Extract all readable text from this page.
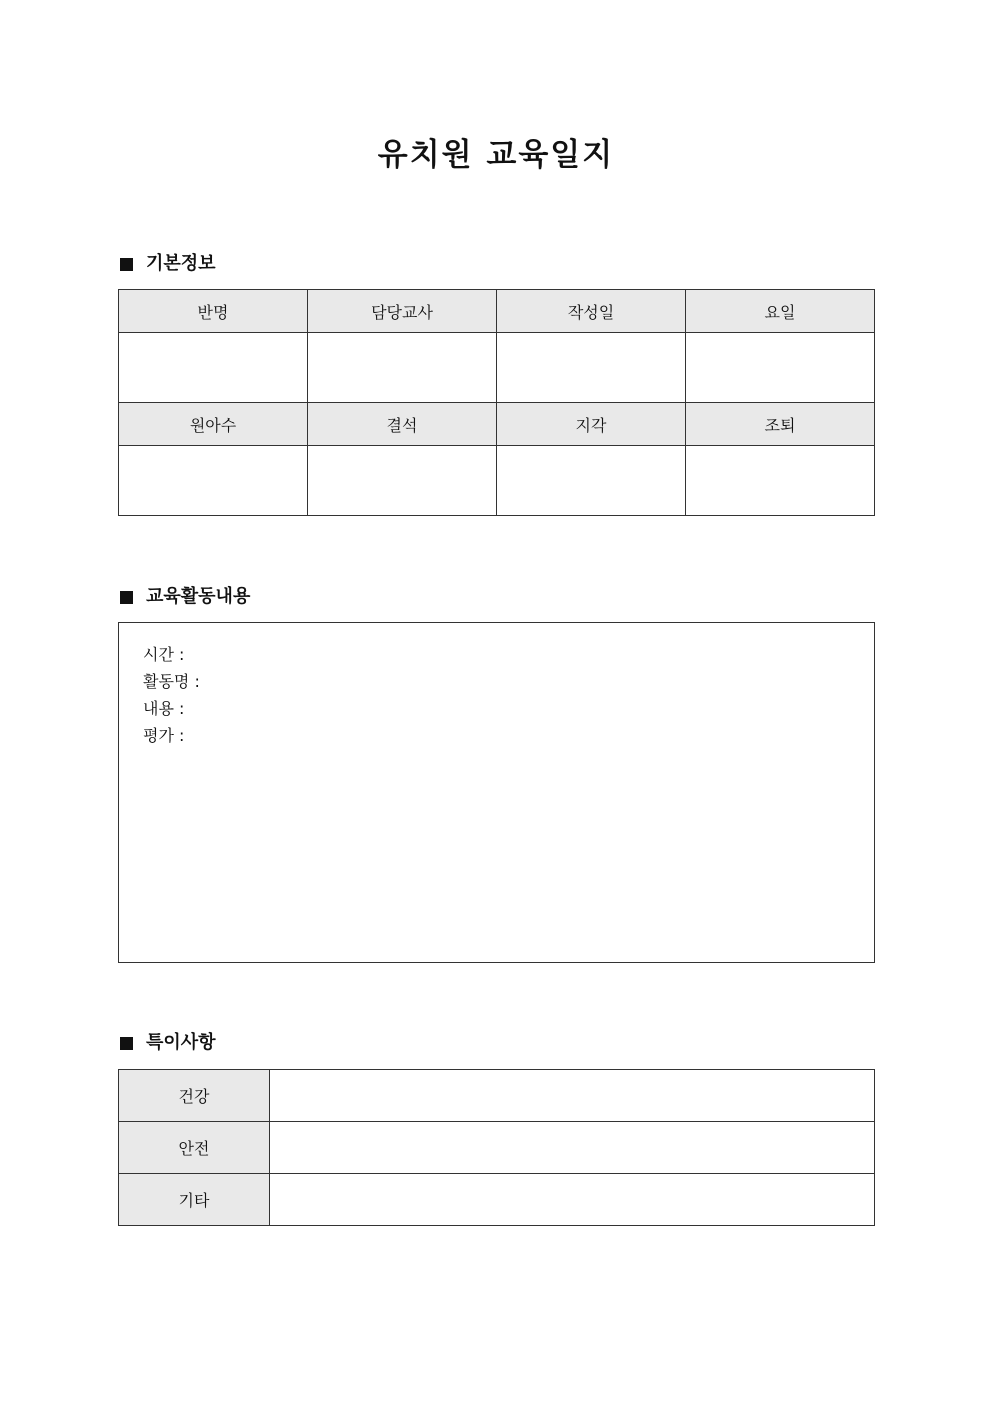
유치원 교육일지
기본정보
반명	담당교사	작성일	요일

원아수	결석	지각	조퇴

교육활동내용
시간 :
활동명 :
내용 :
평가 :
특이사항
건강	
안전	
기타	
